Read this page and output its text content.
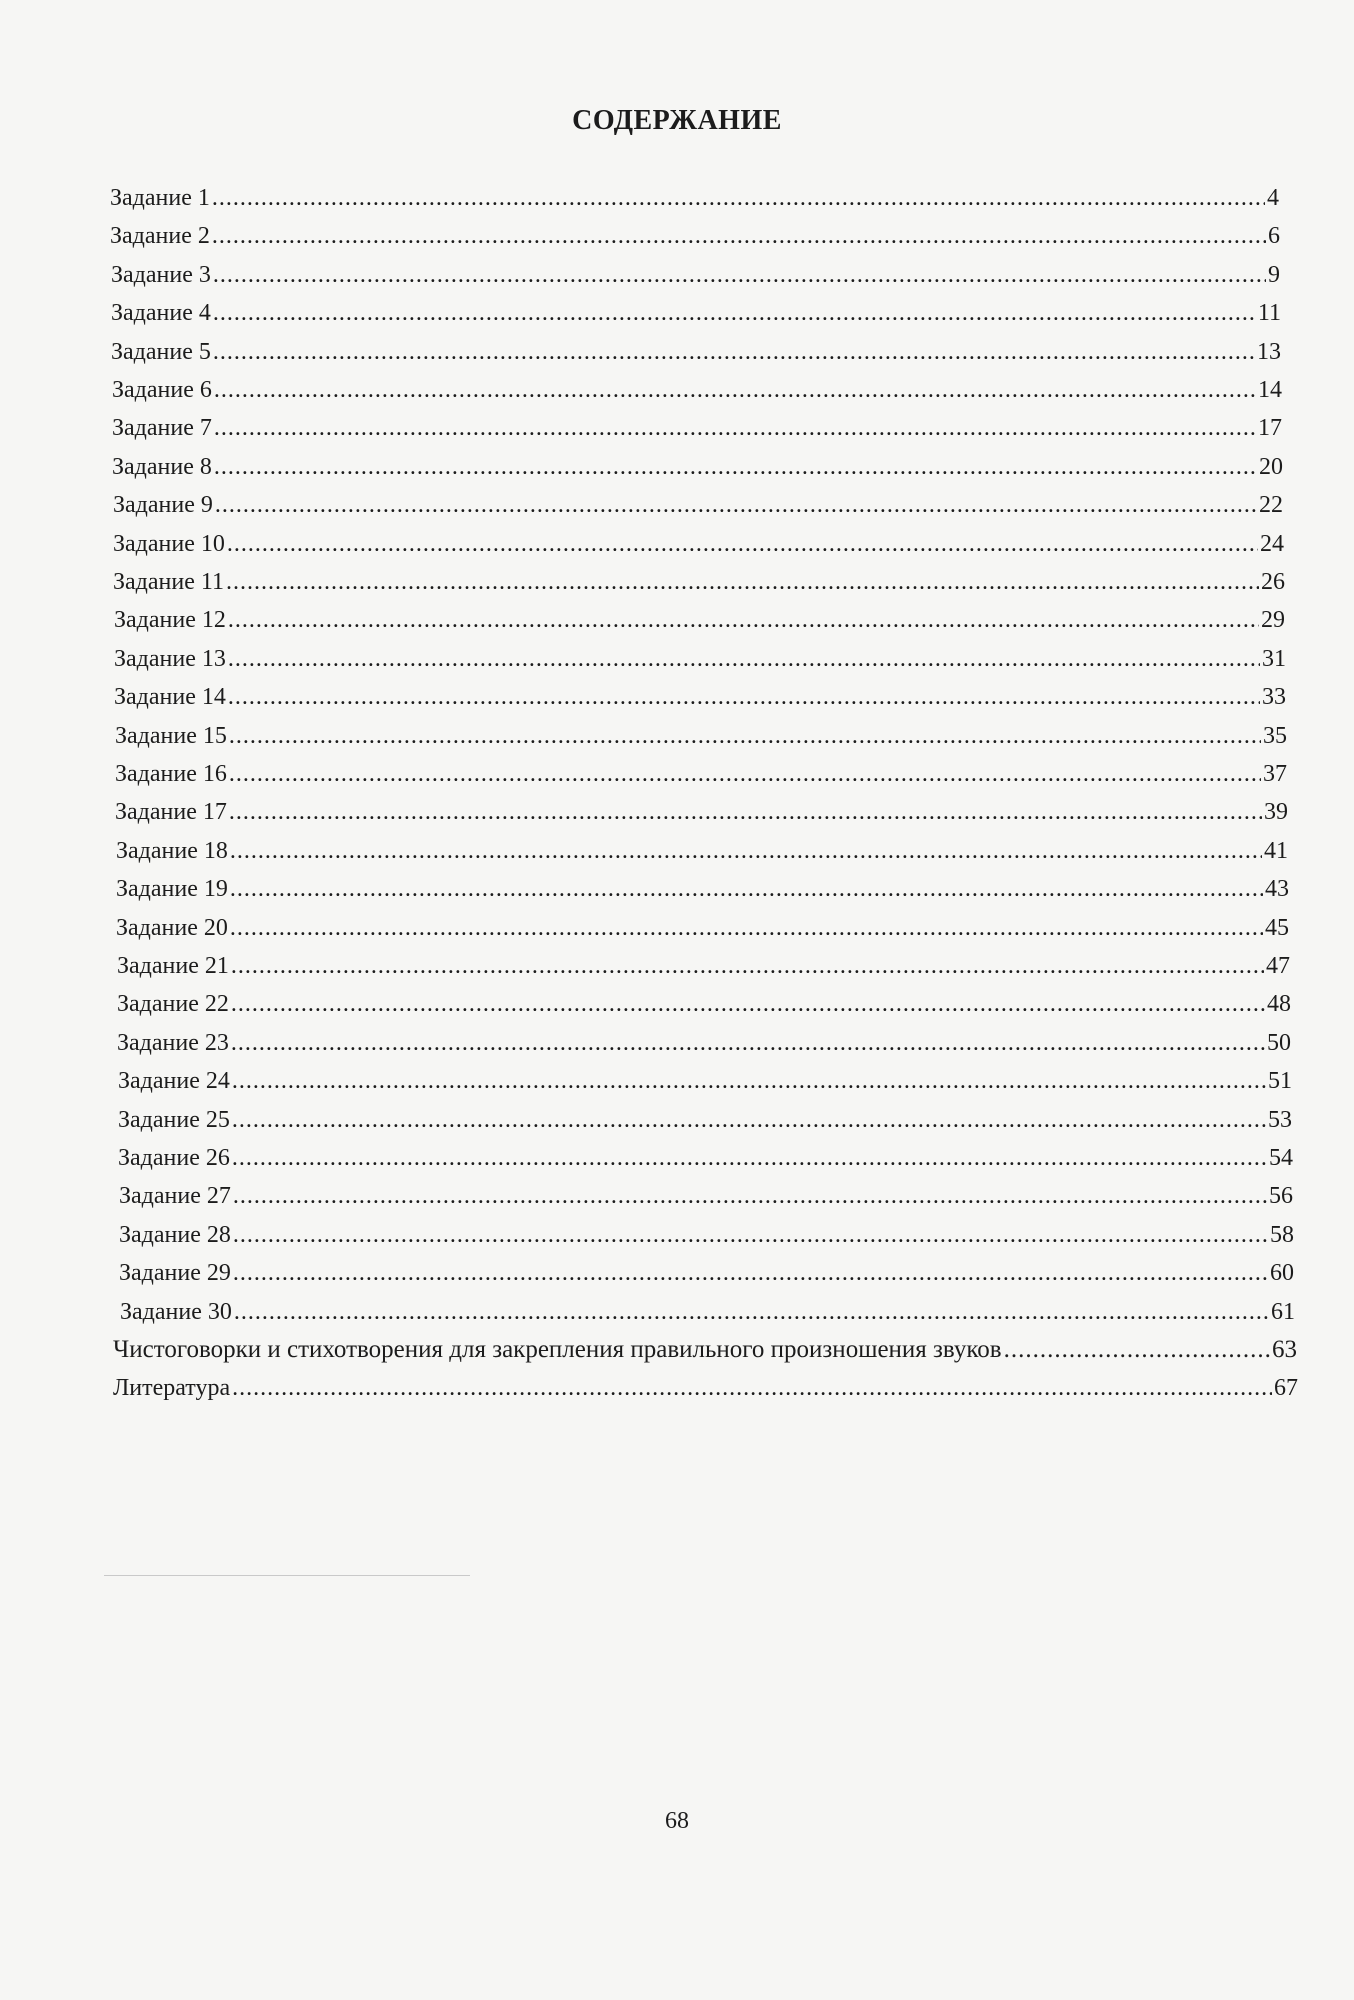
СОДЕРЖАНИЕ
Задание 1 .....	4
Задание 2 .....	6
Задание 3 .....	9
Задание 4 .....	11
Задание 5 .....	13
Задание 6 .....	14
Задание 7 .....	17
Задание 8 .....	20
Задание 9 .....	22
Задание 10 .....	24
Задание 11 .....	26
Задание 12 .....	29
Задание 13 .....	31
Задание 14 .....	33
Задание 15 .....	35
Задание 16 .....	37
Задание 17 .....	39
Задание 18 .....	41
Задание 19 .....	43
Задание 20 .....	45
Задание 21 .....	47
Задание 22 .....	48
Задание 23 .....	50
Задание 24 .....	51
Задание 25 .....	53
Задание 26 .....	54
Задание 27 .....	56
Задание 28 .....	58
Задание 29 .....	60
Задание 30 .....	61
Чистоговорки и стихотворения для закрепления правильного произношения звуков .....	63
Литература .....	67
68
